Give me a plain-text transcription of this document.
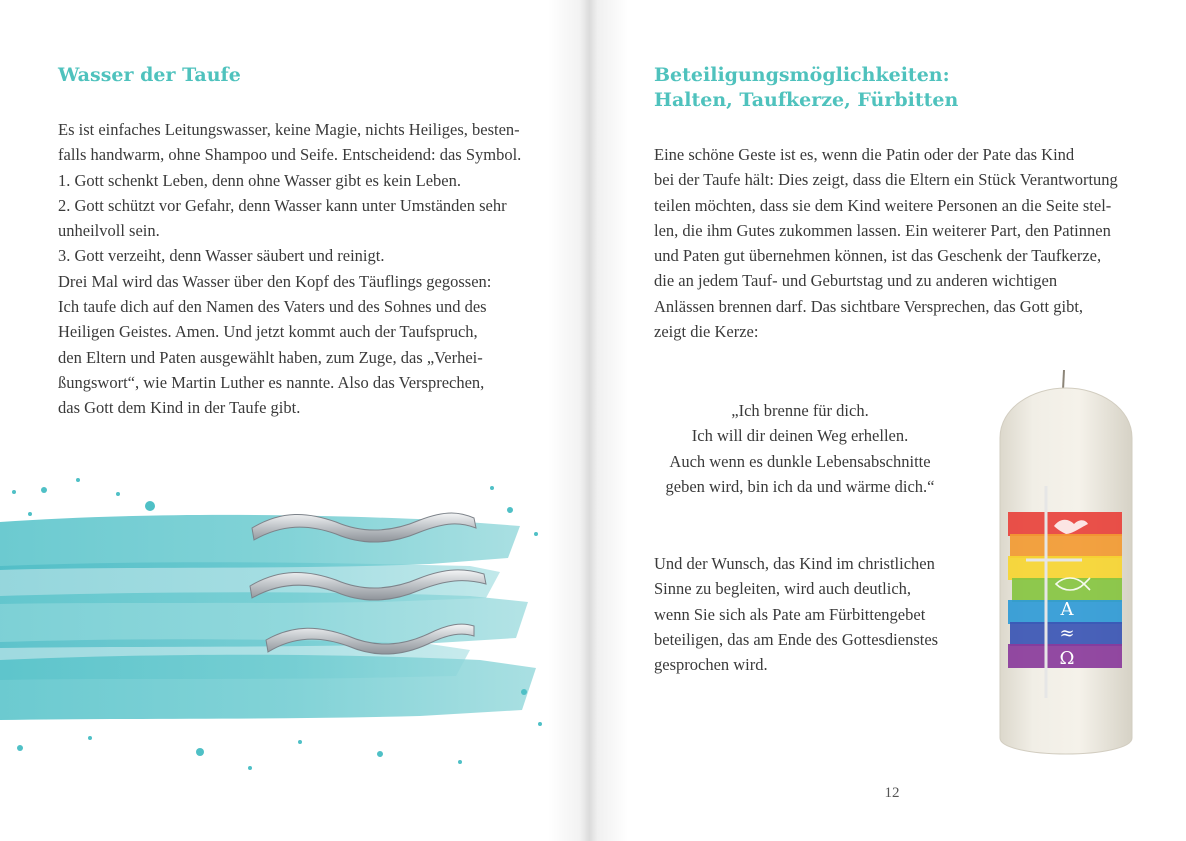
Wasser der Taufe
Es ist einfaches Leitungswasser, keine Magie, nichts Heiliges, besten-
falls handwarm, ohne Shampoo und Seife. Entscheidend: das Symbol.
1. Gott schenkt Leben, denn ohne Wasser gibt es kein Leben.
2. Gott schützt vor Gefahr, denn Wasser kann unter Umständen sehr
unheilvoll sein.
3. Gott verzeiht, denn Wasser säubert und reinigt.
Drei Mal wird das Wasser über den Kopf des Täuflings gegossen:
Ich taufe dich auf den Namen des Vaters und des Sohnes und des
Heiligen Geistes. Amen. Und jetzt kommt auch der Taufspruch,
den Eltern und Paten ausgewählt haben, zum Zuge, das „Verhei-
ßungswort“, wie Martin Luther es nannte. Also das Versprechen,
das Gott dem Kind in der Taufe gibt.
Beteiligungsmöglichkeiten:
Halten, Taufkerze, Fürbitten
Eine schöne Geste ist es, wenn die Patin oder der Pate das Kind
bei der Taufe hält: Dies zeigt, dass die Eltern ein Stück Verantwortung
teilen möchten, dass sie dem Kind weitere Personen an die Seite stel-
len, die ihm Gutes zukommen lassen. Ein weiterer Part, den Patinnen
und Paten gut übernehmen können, ist das Geschenk der Taufkerze,
die an jedem Tauf- und Geburtstag und zu anderen wichtigen
Anlässen brennen darf. Das sichtbare Versprechen, das Gott gibt,
zeigt die Kerze:
„Ich brenne für dich.
Ich will dir deinen Weg erhellen.
Auch wenn es dunkle Lebensabschnitte
geben wird, bin ich da und wärme dich.“
Und der Wunsch, das Kind im christlichen
Sinne zu begleiten, wird auch deutlich,
wenn Sie sich als Pate am Fürbittengebet
beteiligen, das am Ende des Gottesdienstes
gesprochen wird.
Α
≈
Ω
12
